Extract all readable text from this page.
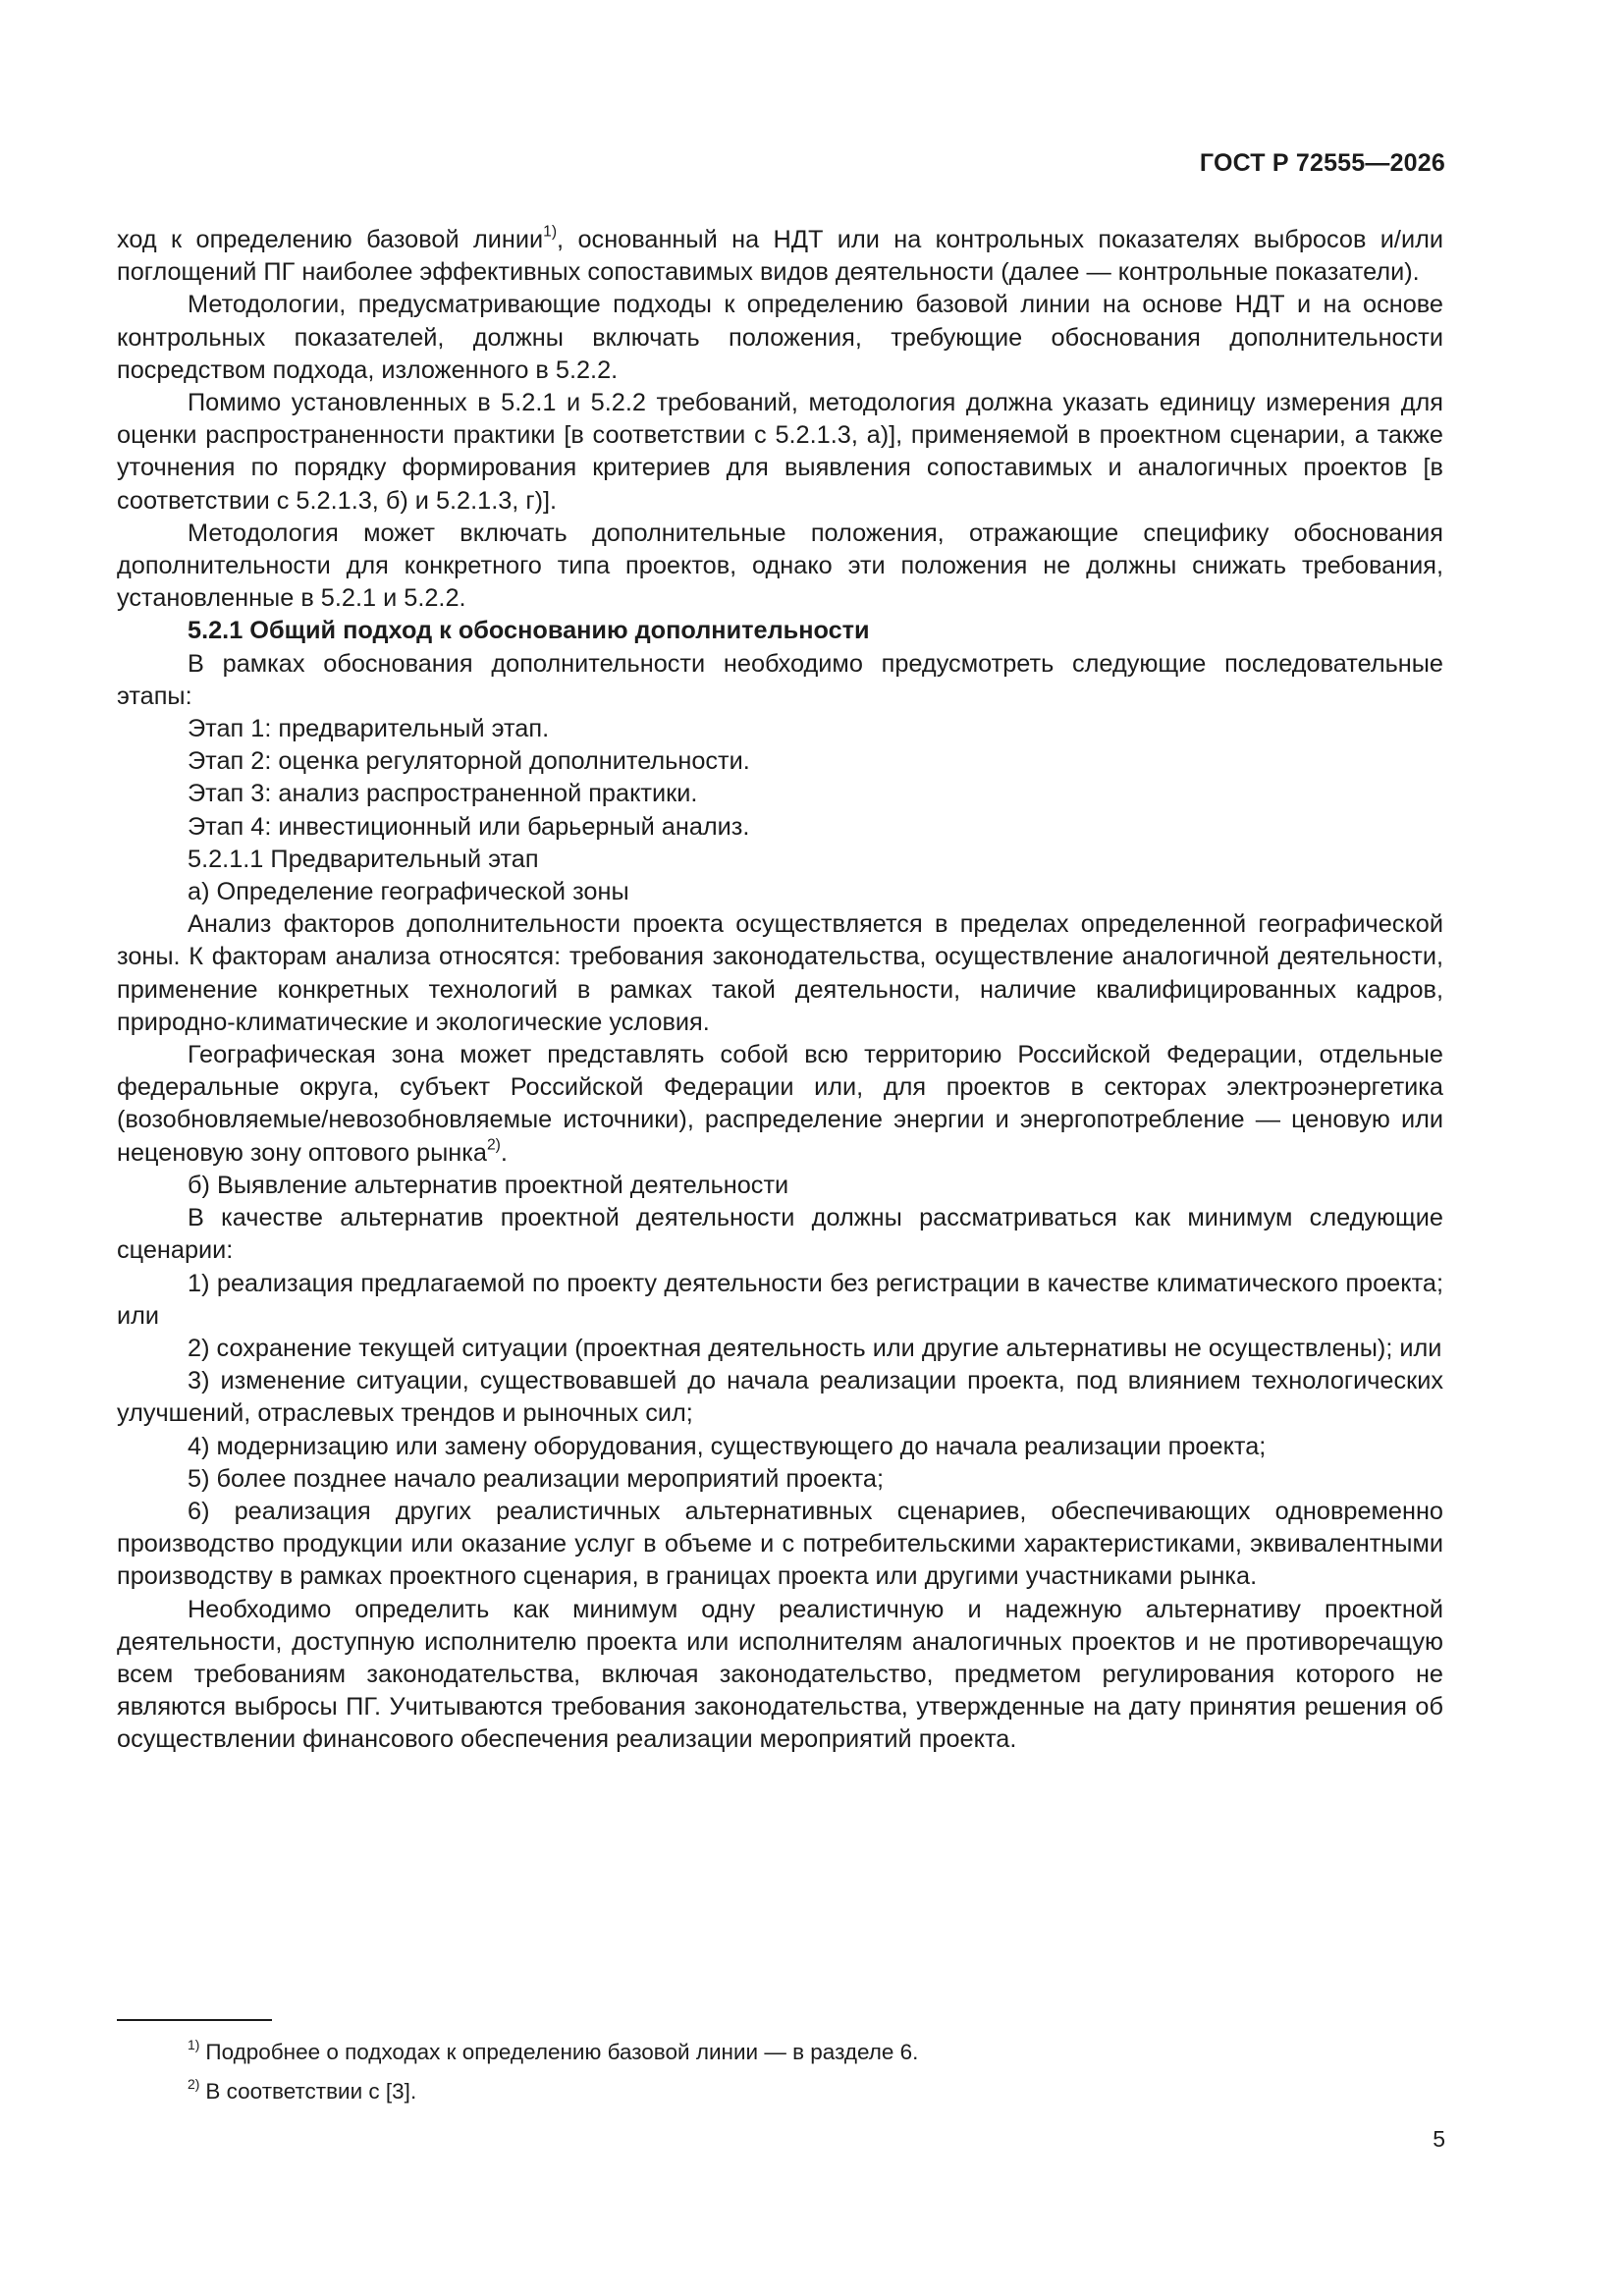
ГОСТ Р 72555—2026

ход к определению базовой линии$^{1)}$, основанный на НДТ или на контрольных показателях выбросов и/или поглощений ПГ наиболее эффективных сопоставимых видов деятельности (далее — контрольные показатели).

Методологии, предусматривающие подходы к определению базовой линии на основе НДТ и на основе контрольных показателей, должны включать положения, требующие обоснования дополнительности посредством подхода, изложенного в 5.2.2.

Помимо установленных в 5.2.1 и 5.2.2 требований, методология должна указать единицу измерения для оценки распространенности практики [в соответствии с 5.2.1.3, а)], применяемой в проектном сценарии, а также уточнения по порядку формирования критериев для выявления сопоставимых и аналогичных проектов [в соответствии с 5.2.1.3, б) и 5.2.1.3, г)].

Методология может включать дополнительные положения, отражающие специфику обоснования дополнительности для конкретного типа проектов, однако эти положения не должны снижать требования, установленные в 5.2.1 и 5.2.2.

5.2.1 Общий подход к обоснованию дополнительности

В рамках обоснования дополнительности необходимо предусмотреть следующие последовательные этапы:

Этап 1: предварительный этап.

Этап 2: оценка регуляторной дополнительности.

Этап 3: анализ распространенной практики.

Этап 4: инвестиционный или барьерный анализ.

5.2.1.1 Предварительный этап

а) Определение географической зоны

Анализ факторов дополнительности проекта осуществляется в пределах определенной географической зоны. К факторам анализа относятся: требования законодательства, осуществление аналогичной деятельности, применение конкретных технологий в рамках такой деятельности, наличие квалифицированных кадров, природно-климатические и экологические условия.

Географическая зона может представлять собой всю территорию Российской Федерации, отдельные федеральные округа, субъект Российской Федерации или, для проектов в секторах электроэнергетика (возобновляемые/невозобновляемые источники), распределение энергии и энергопотребление — ценовую или неценовую зону оптового рынка$^{2)}$.

б) Выявление альтернатив проектной деятельности

В качестве альтернатив проектной деятельности должны рассматриваться как минимум следующие сценарии:

1) реализация предлагаемой по проекту деятельности без регистрации в качестве климатического проекта; или

2) сохранение текущей ситуации (проектная деятельность или другие альтернативы не осуществлены); или

3) изменение ситуации, существовавшей до начала реализации проекта, под влиянием технологических улучшений, отраслевых трендов и рыночных сил;

4) модернизацию или замену оборудования, существующего до начала реализации проекта;

5) более позднее начало реализации мероприятий проекта;

6) реализация других реалистичных альтернативных сценариев, обеспечивающих одновременно производство продукции или оказание услуг в объеме и с потребительскими характеристиками, эквивалентными производству в рамках проектного сценария, в границах проекта или другими участниками рынка.

Необходимо определить как минимум одну реалистичную и надежную альтернативу проектной деятельности, доступную исполнителю проекта или исполнителям аналогичных проектов и не противоречащую всем требованиям законодательства, включая законодательство, предметом регулирования которого не являются выбросы ПГ. Учитываются требования законодательства, утвержденные на дату принятия решения об осуществлении финансового обеспечения реализации мероприятий проекта.

$^{1)}$ Подробнее о подходах к определению базовой линии — в разделе 6.

$^{2)}$ В соответствии с [3].

5
